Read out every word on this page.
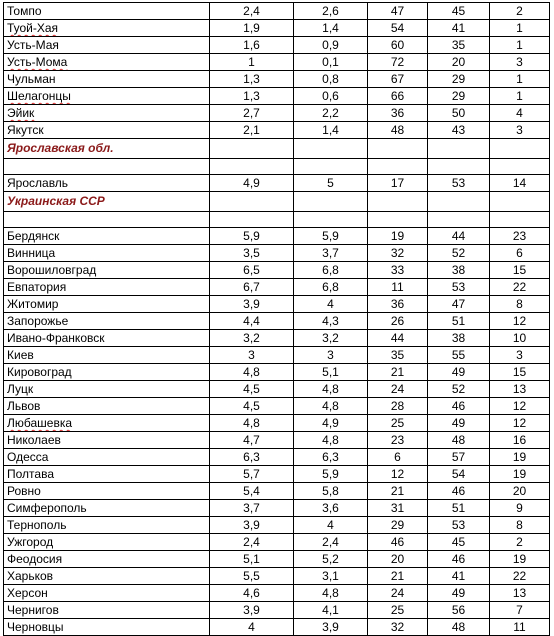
Томпо	2,4	2,6	47	45	2
Туой-Хая	1,9	1,4	54	41	1
Усть-Мая	1,6	0,9	60	35	1
Усть-Мома	1	0,1	72	20	3
Чульман	1,3	0,8	67	29	1
Шелагонцы	1,3	0,6	66	29	1
Эйик	2,7	2,2	36	50	4
Якутск	2,1	1,4	48	43	3
Ярославская обл.					

Ярославль	4,9	5	17	53	14
Украинская ССР					

Бердянск	5,9	5,9	19	44	23
Винница	3,5	3,7	32	52	6
Ворошиловград	6,5	6,8	33	38	15
Евпатория	6,7	6,8	11	53	22
Житомир	3,9	4	36	47	8
Запорожье	4,4	4,3	26	51	12
Ивано-Франковск	3,2	3,2	44	38	10
Киев	3	3	35	55	3
Кировоград	4,8	5,1	21	49	15
Луцк	4,5	4,8	24	52	13
Львов	4,5	4,8	28	46	12
Любашевка	4,8	4,9	25	49	12
Николаев	4,7	4,8	23	48	16
Одесса	6,3	6,3	6	57	19
Полтава	5,7	5,9	12	54	19
Ровно	5,4	5,8	21	46	20
Симферополь	3,7	3,6	31	51	9
Тернополь	3,9	4	29	53	8
Ужгород	2,4	2,4	46	45	2
Феодосия	5,1	5,2	20	46	19
Харьков	5,5	3,1	21	41	22
Херсон	4,6	4,8	24	49	13
Чернигов	3,9	4,1	25	56	7
Черновцы	4	3,9	32	48	11
